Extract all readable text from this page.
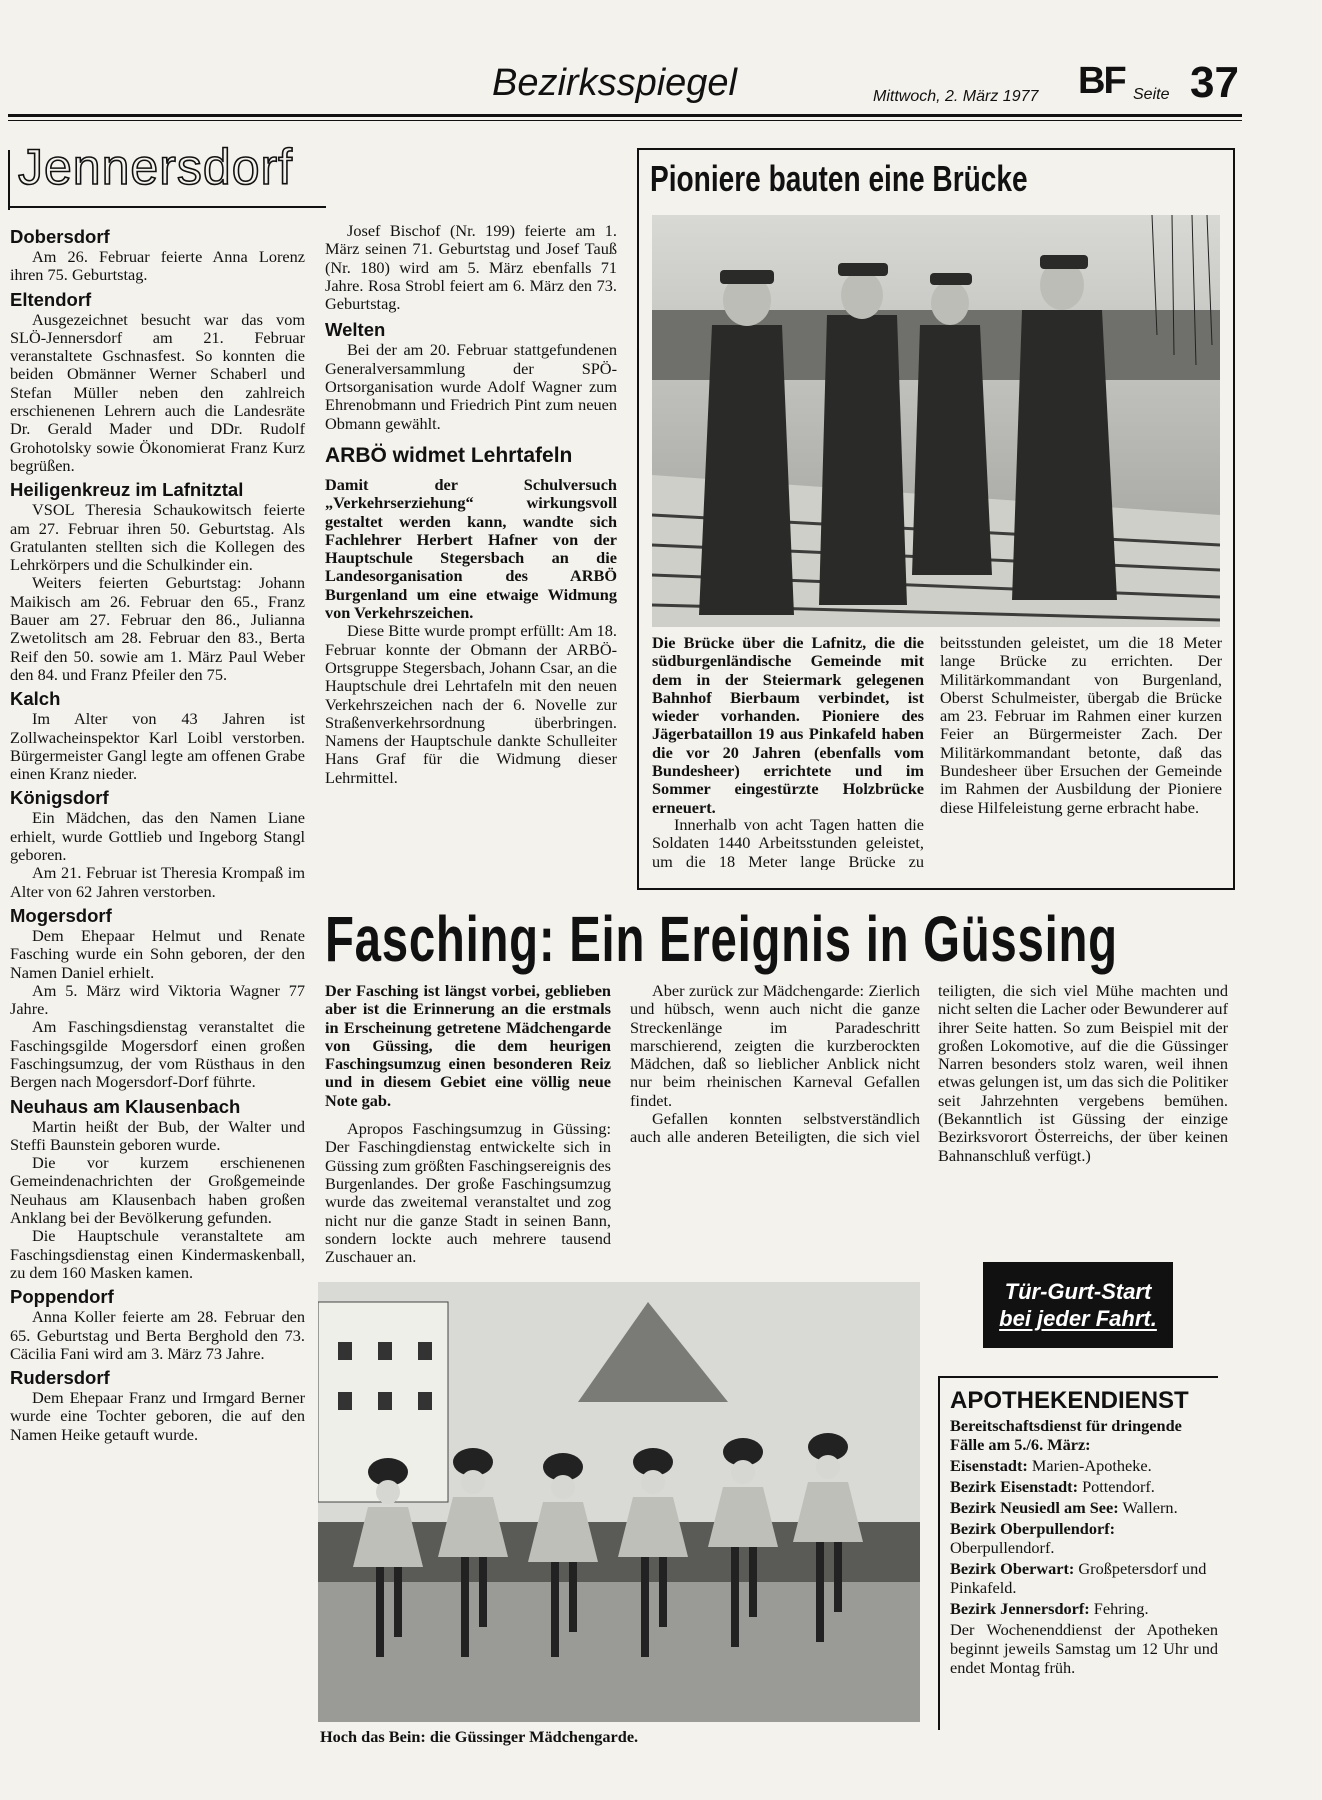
Bezirksspiegel	Mittwoch, 2. März 1977 BF Seite 37
Jennersdorf
Dobersdorf

Am 26. Februar feierte Anna Lorenz ihren 75. Geburtstag.

Eltendorf

Ausgezeichnet besucht war das vom SLÖ-Jennersdorf am 21. Februar veranstaltete Gschnasfest. So konnten die beiden Obmänner Werner Schaberl und Stefan Müller neben den zahlreich erschienenen Lehrern auch die Landesräte Dr. Gerald Mader und DDr. Rudolf Grohotolsky sowie Ökonomierat Franz Kurz begrüßen.

Heiligenkreuz im Lafnitztal

VSOL Theresia Schaukowitsch feierte am 27. Februar ihren 50. Geburtstag. Als Gratulanten stellten sich die Kollegen des Lehrkörpers und die Schulkinder ein.

Weiters feierten Geburtstag: Johann Maikisch am 26. Februar den 65., Franz Bauer am 27. Februar den 86., Julianna Zwetolitsch am 28. Februar den 83., Berta Reif den 50. sowie am 1. März Paul Weber den 84. und Franz Pfeiler den 75.

Kalch

Im Alter von 43 Jahren ist Zollwacheinspektor Karl Loibl verstorben. Bürgermeister Gangl legte am offenen Grabe einen Kranz nieder.

Königsdorf

Ein Mädchen, das den Namen Liane erhielt, wurde Gottlieb und Ingeborg Stangl geboren.

Am 21. Februar ist Theresia Krompaß im Alter von 62 Jahren verstorben.

Mogersdorf

Dem Ehepaar Helmut und Renate Fasching wurde ein Sohn geboren, der den Namen Daniel erhielt.

Am 5. März wird Viktoria Wagner 77 Jahre.

Am Faschingsdienstag veranstaltet die Faschingsgilde Mogersdorf einen großen Faschingsumzug, der vom Rüsthaus in den Bergen nach Mogersdorf-Dorf führte.

Neuhaus am Klausenbach

Martin heißt der Bub, der Walter und Steffi Baunstein geboren wurde.

Die vor kurzem erschienenen Gemeindenachrichten der Großgemeinde Neuhaus am Klausenbach haben großen Anklang bei der Bevölkerung gefunden.

Die Hauptschule veranstaltete am Faschingsdienstag einen Kindermaskenball, zu dem 160 Masken kamen.

Poppendorf

Anna Koller feierte am 28. Februar den 65. Geburtstag und Berta Berghold den 73. Cäcilia Fani wird am 3. März 73 Jahre.

Rudersdorf

Dem Ehepaar Franz und Irmgard Berner wurde eine Tochter geboren, die auf den Namen Heike getauft wurde.

Josef Bischof (Nr. 199) feierte am 1. März seinen 71. Geburtstag und Josef Tauß (Nr. 180) wird am 5. März ebenfalls 71 Jahre. Rosa Strobl feiert am 6. März den 73. Geburtstag.

Welten

Bei der am 20. Februar stattgefundenen Generalversammlung der SPÖ-Ortsorganisation wurde Adolf Wagner zum Ehrenobmann und Friedrich Pint zum neuen Obmann gewählt.

ARBÖ widmet Lehrtafeln

Damit der Schulversuch „Verkehrserziehung“ wirkungsvoll gestaltet werden kann, wandte sich Fachlehrer Herbert Hafner von der Hauptschule Stegersbach an die Landesorganisation des ARBÖ Burgenland um eine etwaige Widmung von Verkehrszeichen.

Diese Bitte wurde prompt erfüllt: Am 18. Februar konnte der Obmann der ARBÖ-Ortsgruppe Stegersbach, Johann Csar, an die Hauptschule drei Lehrtafeln mit den neuen Verkehrszeichen nach der 6. Novelle zur Straßenverkehrsordnung überbringen. Namens der Hauptschule dankte Schulleiter Hans Graf für die Widmung dieser Lehrmittel.

Pioniere bauten eine Brücke
Die Brücke über die Lafnitz, die die südburgenländische Gemeinde mit dem in der Steiermark gelegenen Bahnhof Bierbaum verbindet, ist wieder vorhanden. Pioniere des Jägerbataillon 19 aus Pinkafeld haben die vor 20 Jahren (ebenfalls vom Bundesheer) errichtete und im Sommer eingestürzte Holzbrücke erneuert.

Innerhalb von acht Tagen hatten die Soldaten 1440 Arbeitsstunden geleistet, um die 18 Meter lange Brücke zu

beitsstunden geleistet, um die 18 Meter lange Brücke zu errichten. Der Militärkommandant von Burgenland, Oberst Schulmeister, übergab die Brücke am 23. Februar im Rahmen einer kurzen Feier an Bürgermeister Zach. Der Militärkommandant betonte, daß das Bundesheer über Ersuchen der Gemeinde im Rahmen der Ausbildung der Pioniere diese Hilfeleistung gerne erbracht habe.

Fasching: Ein Ereignis in Güssing

Der Fasching ist längst vorbei, geblieben aber ist die Erinnerung an die erstmals in Erscheinung getretene Mädchengarde von Güssing, die dem heurigen Faschingsumzug einen besonderen Reiz und in diesem Gebiet eine völlig neue Note gab.

Apropos Faschingsumzug in Güssing: Der Faschingdienstag entwickelte sich in Güssing zum größten Faschingsereignis des Burgenlandes. Der große Faschingsumzug wurde das zweitemal veranstaltet und zog nicht nur die ganze Stadt in seinen Bann, sondern lockte auch mehrere tausend Zuschauer an.

Aber zurück zur Mädchengarde: Zierlich und hübsch, wenn auch nicht die ganze Streckenlänge im Paradeschritt marschierend, zeigten die kurzberockten Mädchen, daß so lieblicher Anblick nicht nur beim rheinischen Karneval Gefallen findet.

Gefallen konnten selbstverständlich auch alle anderen Beteiligten, die sich viel

teiligten, die sich viel Mühe machten und nicht selten die Lacher oder Bewunderer auf ihrer Seite hatten. So zum Beispiel mit der großen Lokomotive, auf die die Güssinger Narren besonders stolz waren, weil ihnen etwas gelungen ist, um das sich die Politiker seit Jahrzehnten vergebens bemühen. (Bekanntlich ist Güssing der einzige Bezirksvorort Österreichs, der über keinen Bahnanschluß verfügt.)

Hoch das Bein: die Güssinger Mädchengarde.
Tür-Gurt-Start
bei jeder Fahrt.
APOTHEKENDIENST

Bereitschaftsdienst für dringende Fälle am 5./6. März:

Eisenstadt: Marien-Apotheke.

Bezirk Eisenstadt: Pottendorf.

Bezirk Neusiedl am See: Wallern.

Bezirk Oberpullendorf: Oberpullendorf.

Bezirk Oberwart: Großpetersdorf und Pinkafeld.

Bezirk Jennersdorf: Fehring.

Der Wochenenddienst der Apotheken beginnt jeweils Samstag um 12 Uhr und endet Montag früh.
